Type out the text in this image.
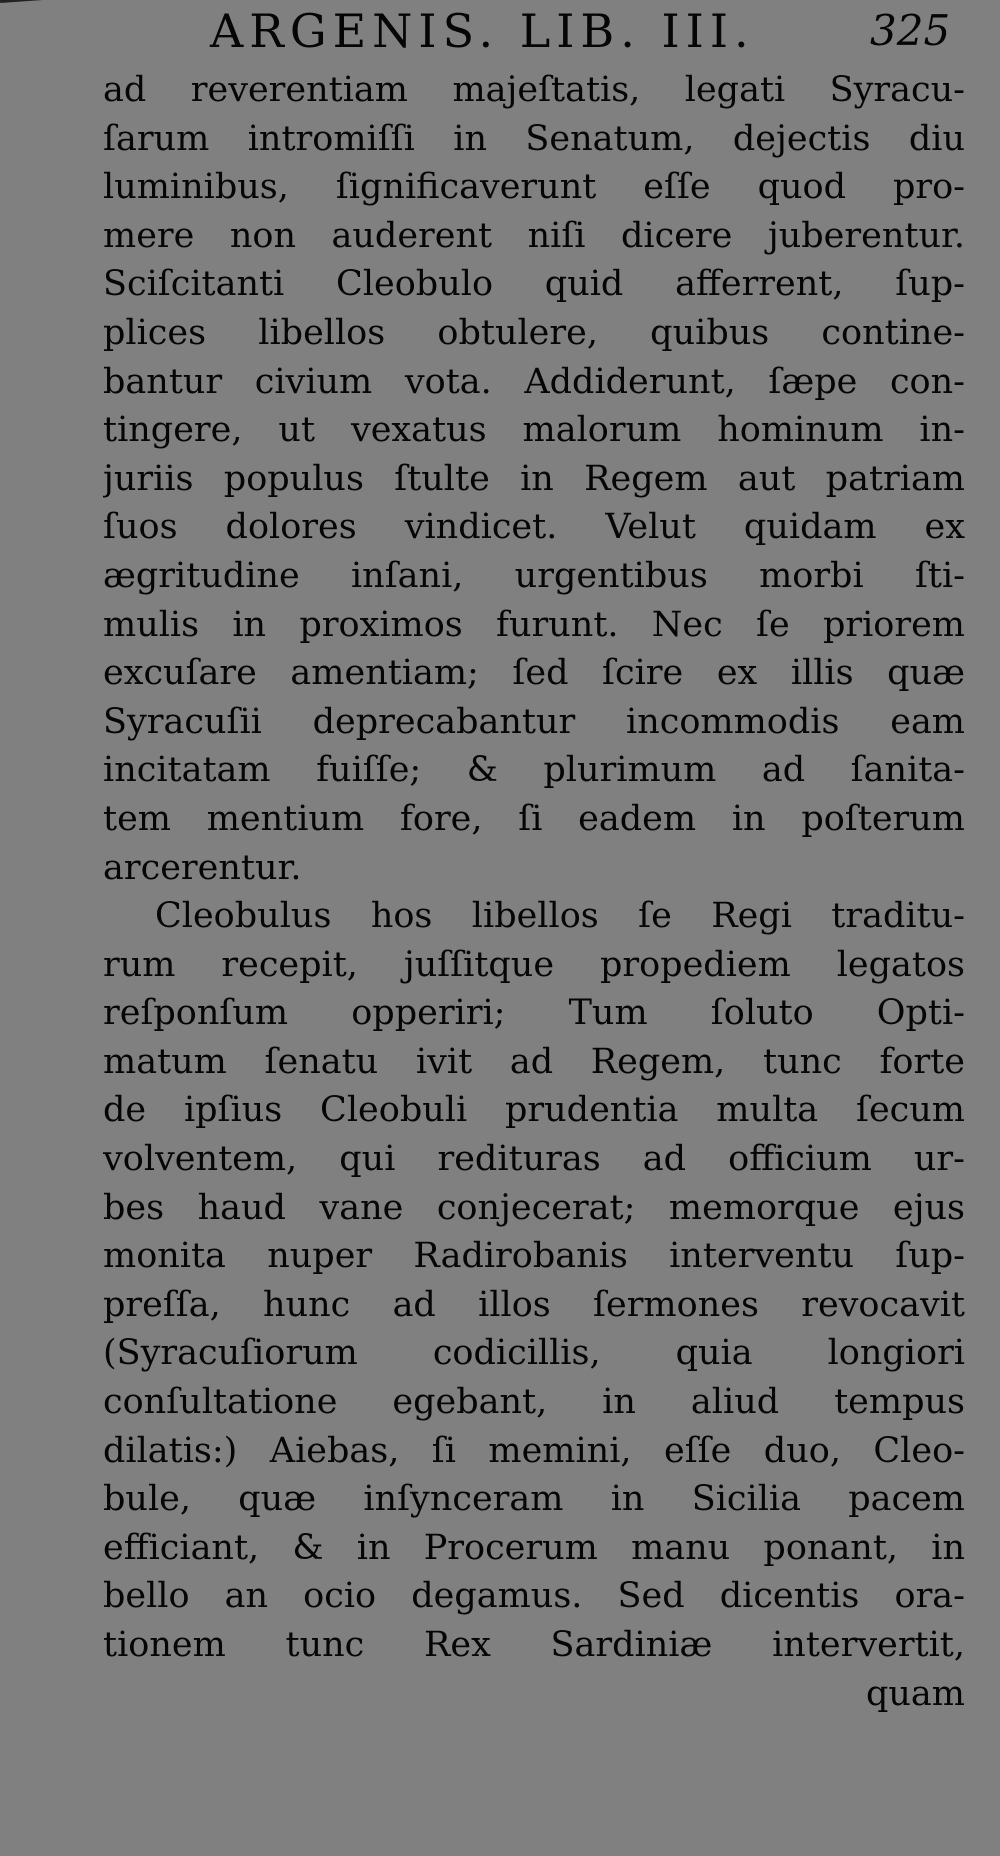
ARGENIS. LIB. III.	325
ad reverentiam majeſtatis, legati Syracu-
ſarum intromiſſi in Senatum, dejectis diu
luminibus, ſignificaverunt eſſe quod pro-
mere non auderent niſi dicere juberentur.
Sciſcitanti Cleobulo quid afferrent, ſup-
plices libellos obtulere, quibus contine-
bantur civium vota. Addiderunt, ſæpe con-
tingere, ut vexatus malorum hominum in-
juriis populus ſtulte in Regem aut patriam
ſuos dolores vindicet. Velut quidam ex
ægritudine inſani, urgentibus morbi ſti-
mulis in proximos furunt. Nec ſe priorem
excuſare amentiam; ſed ſcire ex illis quæ
Syracuſii deprecabantur incommodis eam
incitatam fuiſſe; & plurimum ad ſanita-
tem mentium fore, ſi eadem in poſterum
arcerentur.
Cleobulus hos libellos ſe Regi traditu-
rum recepit, juſſitque propediem legatos
reſponſum opperiri; Tum ſoluto Opti-
matum ſenatu ivit ad Regem, tunc forte
de ipſius Cleobuli prudentia multa ſecum
volventem, qui redituras ad officium ur-
bes haud vane conjecerat; memorque ejus
monita nuper Radirobanis interventu ſup-
preſſa, hunc ad illos ſermones revocavit
(Syracuſiorum codicillis, quia longiori
conſultatione egebant, in aliud tempus
dilatis:) Aiebas, ſi memini, eſſe duo, Cleo-
bule, quæ inſynceram in Sicilia pacem
efficiant, & in Procerum manu ponant, in
bello an ocio degamus. Sed dicentis ora-
tionem tunc Rex Sardiniæ intervertit,
quam
